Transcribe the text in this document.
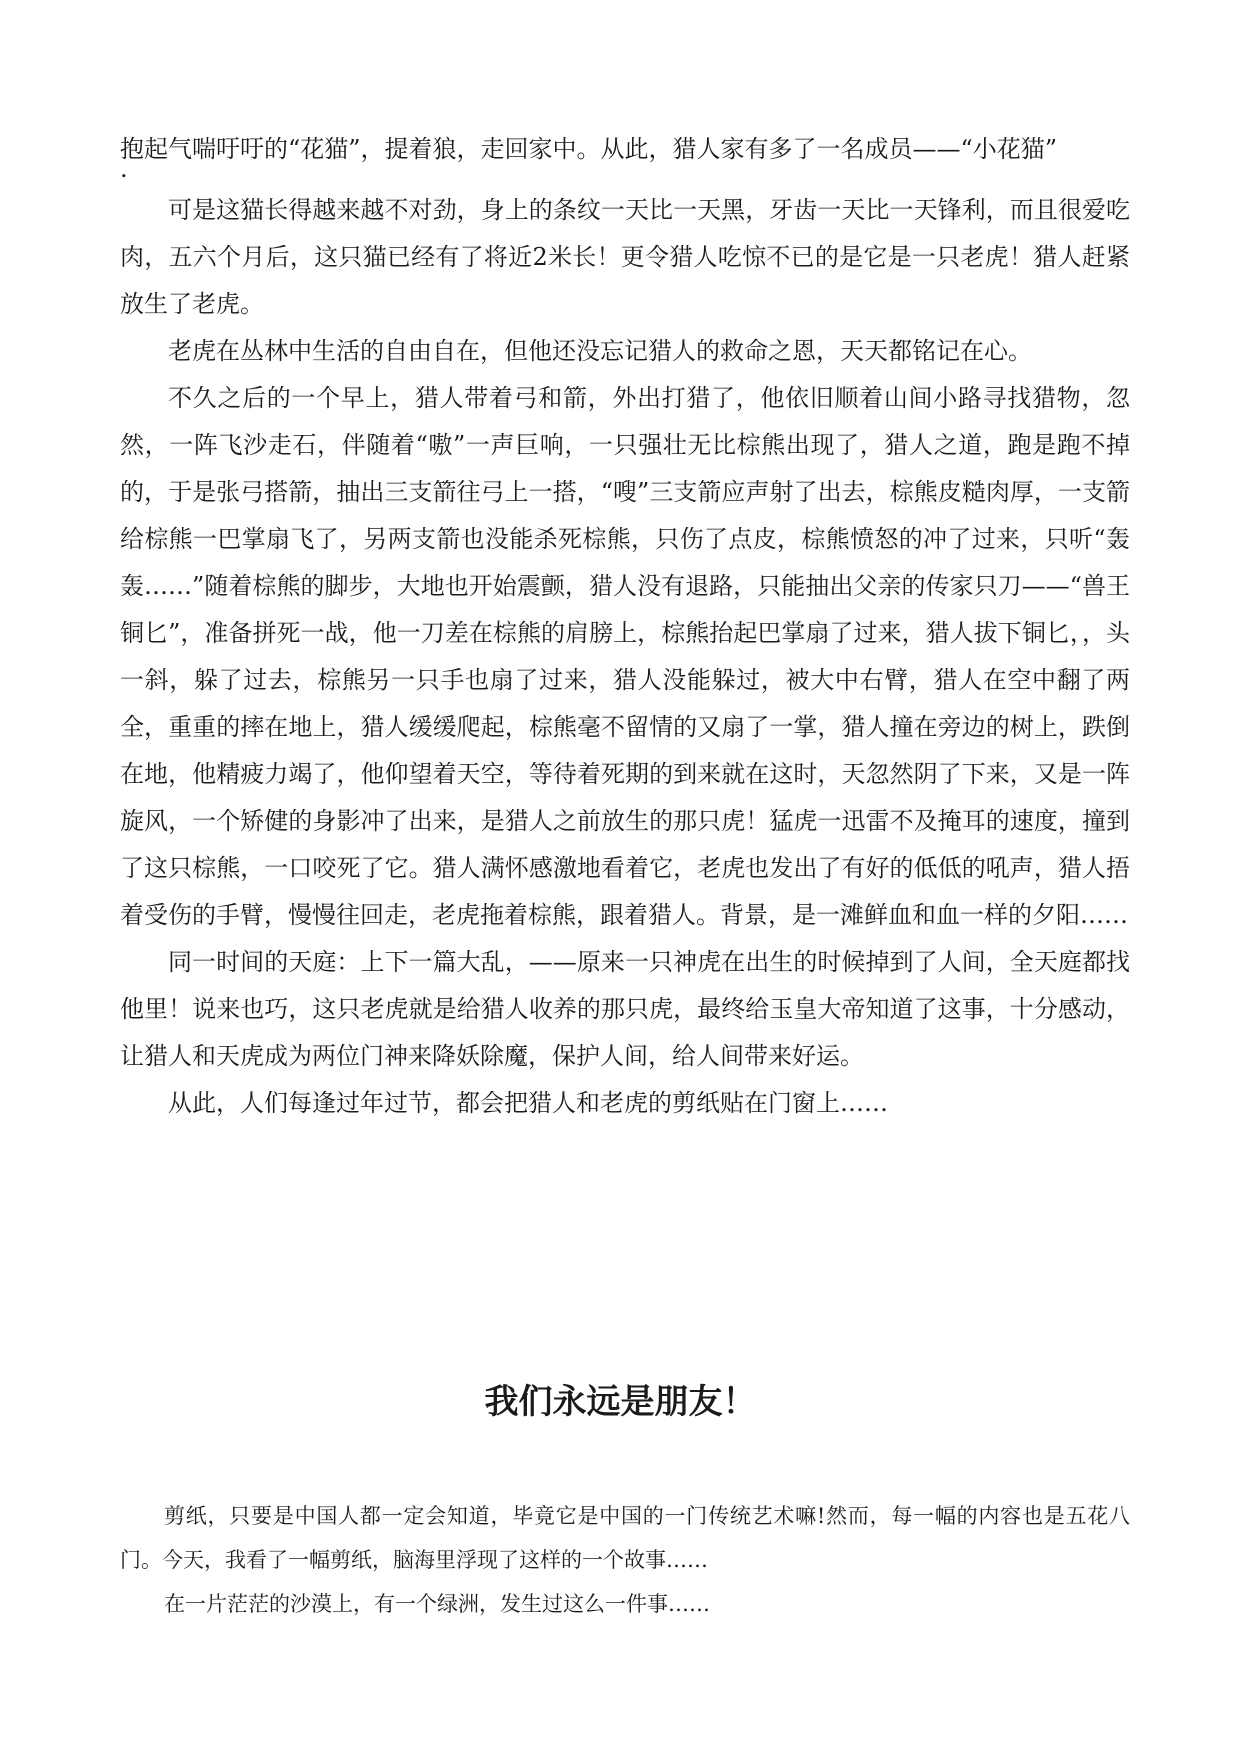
抱起气喘吁吁的“花猫”，提着狼，走回家中。从此，猎人家有多了一名成员——“小花猫”

.

可是这猫长得越来越不对劲，身上的条纹一天比一天黑，牙齿一天比一天锋利，而且很爱吃肉，五六个月后，这只猫已经有了将近2米长！更令猎人吃惊不已的是它是一只老虎！猎人赶紧放生了老虎。

老虎在丛林中生活的自由自在，但他还没忘记猎人的救命之恩，天天都铭记在心。

不久之后的一个早上，猎人带着弓和箭，外出打猎了，他依旧顺着山间小路寻找猎物，忽然，一阵飞沙走石，伴随着“嗷”一声巨响，一只强壮无比棕熊出现了，猎人之道，跑是跑不掉的，于是张弓搭箭，抽出三支箭往弓上一搭，“嗖”三支箭应声射了出去，棕熊皮糙肉厚，一支箭给棕熊一巴掌扇飞了，另两支箭也没能杀死棕熊，只伤了点皮，棕熊愤怒的冲了过来，只听“轰轰……”随着棕熊的脚步，大地也开始震颤，猎人没有退路，只能抽出父亲的传家只刀——“兽王铜匕”，准备拼死一战，他一刀差在棕熊的肩膀上，棕熊抬起巴掌扇了过来，猎人拔下铜匕，，头一斜，躲了过去，棕熊另一只手也扇了过来，猎人没能躲过，被大中右臂，猎人在空中翻了两全，重重的摔在地上，猎人缓缓爬起，棕熊毫不留情的又扇了一掌，猎人撞在旁边的树上，跌倒在地，他精疲力竭了，他仰望着天空，等待着死期的到来就在这时，天忽然阴了下来，又是一阵旋风，一个矫健的身影冲了出来，是猎人之前放生的那只虎！猛虎一迅雷不及掩耳的速度，撞到了这只棕熊，一口咬死了它。猎人满怀感激地看着它，老虎也发出了有好的低低的吼声，猎人捂着受伤的手臂，慢慢往回走，老虎拖着棕熊，跟着猎人。背景，是一滩鲜血和血一样的夕阳……

同一时间的天庭：上下一篇大乱，——原来一只神虎在出生的时候掉到了人间，全天庭都找他里！说来也巧，这只老虎就是给猎人收养的那只虎，最终给玉皇大帝知道了这事，十分感动，让猎人和天虎成为两位门神来降妖除魔，保护人间，给人间带来好运。

从此，人们每逢过年过节，都会把猎人和老虎的剪纸贴在门窗上……

我们永远是朋友！

剪纸，只要是中国人都一定会知道，毕竟它是中国的一门传统艺术嘛!然而，每一幅的内容也是五花八门。今天，我看了一幅剪纸，脑海里浮现了这样的一个故事……

在一片茫茫的沙漠上，有一个绿洲，发生过这么一件事……
